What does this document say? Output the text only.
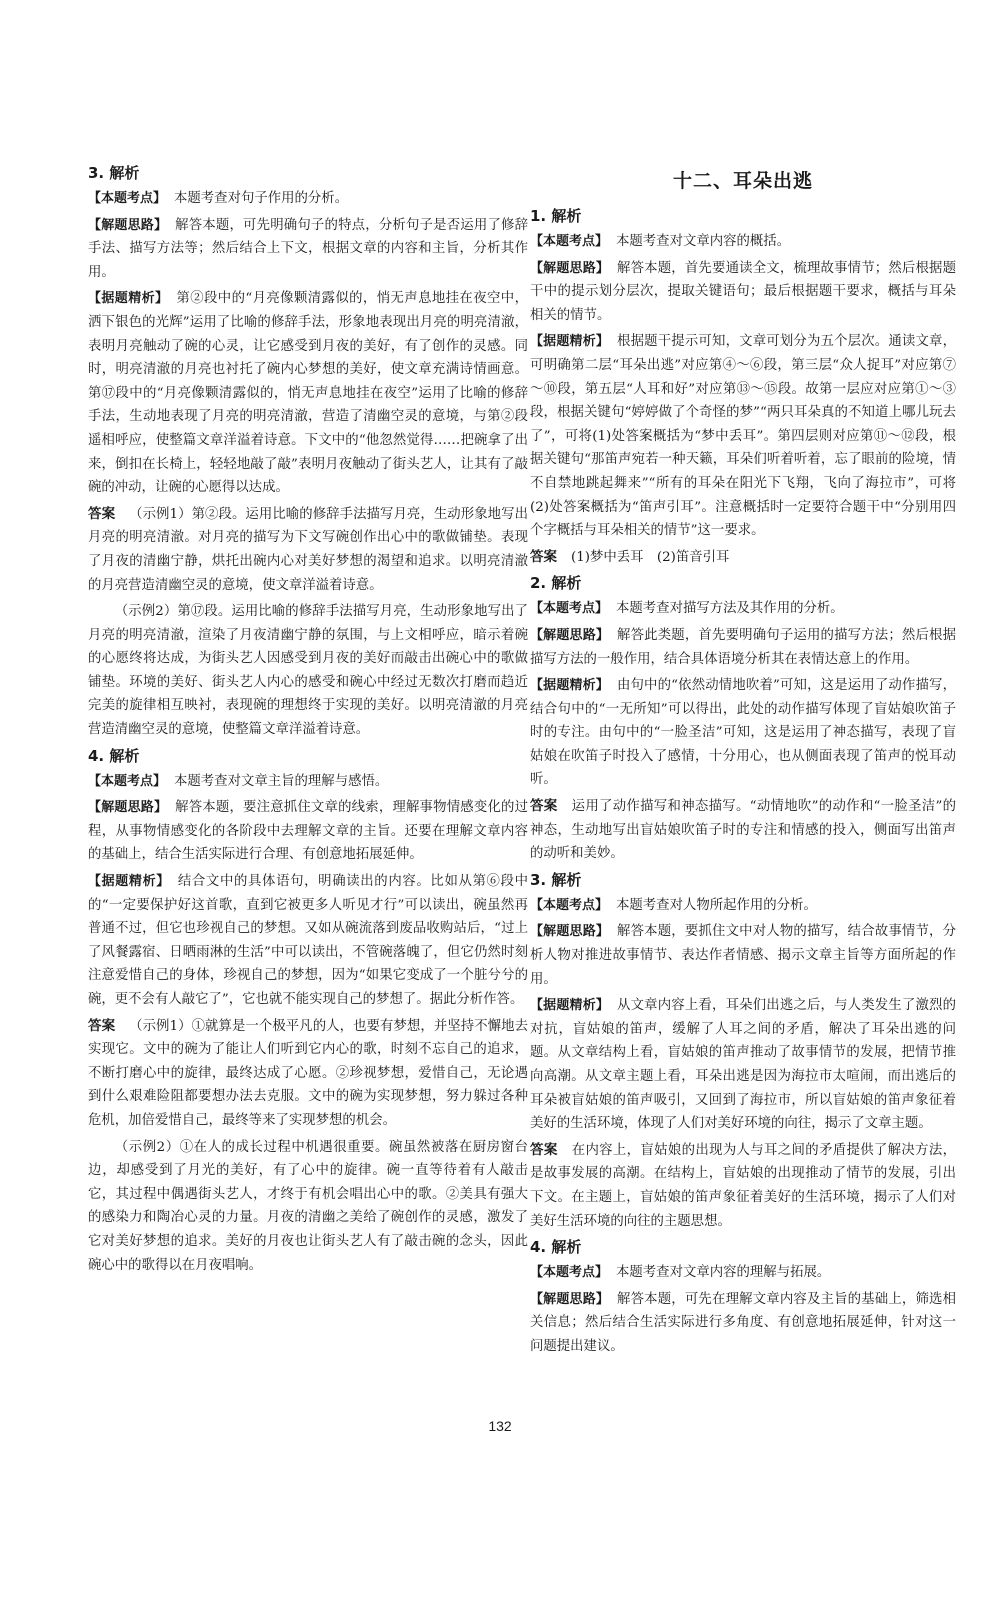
3. 解析
【本题考点】 本题考查对句子作用的分析。
【解题思路】 解答本题，可先明确句子的特点，分析句子是否运用了修辞手法、描写方法等；然后结合上下文，根据文章的内容和主旨，分析其作用。
【据题精析】 第②段中的“月亮像颗清露似的，悄无声息地挂在夜空中，洒下银色的光辉”运用了比喻的修辞手法，形象地表现出月亮的明亮清澈，表明月亮触动了碗的心灵，让它感受到月夜的美好，有了创作的灵感。同时，明亮清澈的月亮也衬托了碗内心梦想的美好，使文章充满诗情画意。第⑰段中的“月亮像颗清露似的，悄无声息地挂在夜空”运用了比喻的修辞手法，生动地表现了月亮的明亮清澈，营造了清幽空灵的意境，与第②段遥相呼应，使整篇文章洋溢着诗意。下文中的“他忽然觉得……把碗拿了出来，倒扣在长椅上，轻轻地敲了敲”表明月夜触动了街头艺人，让其有了敲碗的冲动，让碗的心愿得以达成。
答案 （示例1）第②段。运用比喻的修辞手法描写月亮，生动形象地写出月亮的明亮清澈。对月亮的描写为下文写碗创作出心中的歌做铺垫。表现了月夜的清幽宁静，烘托出碗内心对美好梦想的渴望和追求。以明亮清澈的月亮营造清幽空灵的意境，使文章洋溢着诗意。
（示例2）第⑰段。运用比喻的修辞手法描写月亮，生动形象地写出了月亮的明亮清澈，渲染了月夜清幽宁静的氛围，与上文相呼应，暗示着碗的心愿终将达成，为街头艺人因感受到月夜的美好而敲击出碗心中的歌做铺垫。环境的美好、街头艺人内心的感受和碗心中经过无数次打磨而趋近完美的旋律相互映衬，表现碗的理想终于实现的美好。以明亮清澈的月亮营造清幽空灵的意境，使整篇文章洋溢着诗意。
4. 解析
【本题考点】 本题考查对文章主旨的理解与感悟。
【解题思路】 解答本题，要注意抓住文章的线索，理解事物情感变化的过程，从事物情感变化的各阶段中去理解文章的主旨。还要在理解文章内容的基础上，结合生活实际进行合理、有创意地拓展延伸。
【据题精析】 结合文中的具体语句，明确读出的内容。比如从第⑥段中的“一定要保护好这首歌，直到它被更多人听见才行”可以读出，碗虽然再普通不过，但它也珍视自己的梦想。又如从碗流落到废品收购站后，“过上了风餐露宿、日晒雨淋的生活”中可以读出，不管碗落魄了，但它仍然时刻注意爱惜自己的身体，珍视自己的梦想，因为“如果它变成了一个脏兮兮的碗，更不会有人敲它了”，它也就不能实现自己的梦想了。据此分析作答。
答案 （示例1）①就算是一个极平凡的人，也要有梦想，并坚持不懈地去实现它。文中的碗为了能让人们听到它内心的歌，时刻不忘自己的追求，不断打磨心中的旋律，最终达成了心愿。②珍视梦想，爱惜自己，无论遇到什么艰难险阻都要想办法去克服。文中的碗为实现梦想，努力躲过各种危机，加倍爱惜自己，最终等来了实现梦想的机会。
（示例2）①在人的成长过程中机遇很重要。碗虽然被落在厨房窗台边，却感受到了月光的美好，有了心中的旋律。碗一直等待着有人敲击它，其过程中偶遇街头艺人，才终于有机会唱出心中的歌。②美具有强大的感染力和陶冶心灵的力量。月夜的清幽之美给了碗创作的灵感，激发了它对美好梦想的追求。美好的月夜也让街头艺人有了敲击碗的念头，因此碗心中的歌得以在月夜唱响。
十二、耳朵出逃
1. 解析
【本题考点】 本题考查对文章内容的概括。
【解题思路】 解答本题，首先要通读全文，梳理故事情节；然后根据题干中的提示划分层次，提取关键语句；最后根据题干要求，概括与耳朵相关的情节。
【据题精析】 根据题干提示可知，文章可划分为五个层次。通读文章，可明确第二层“耳朵出逃”对应第④～⑥段，第三层“众人捉耳”对应第⑦～⑩段，第五层“人耳和好”对应第⑬～⑮段。故第一层应对应第①～③段，根据关键句“婷婷做了个奇怪的梦”“两只耳朵真的不知道上哪儿玩去了”，可将(1)处答案概括为“梦中丢耳”。第四层则对应第⑪～⑫段，根据关键句“那笛声宛若一种天籁，耳朵们听着听着，忘了眼前的险境，情不自禁地跳起舞来”“所有的耳朵在阳光下飞翔，飞向了海拉市”，可将(2)处答案概括为“笛声引耳”。注意概括时一定要符合题干中“分别用四个字概括与耳朵相关的情节”这一要求。
答案 (1)梦中丢耳　(2)笛音引耳
2. 解析
【本题考点】 本题考查对描写方法及其作用的分析。
【解题思路】 解答此类题，首先要明确句子运用的描写方法；然后根据描写方法的一般作用，结合具体语境分析其在表情达意上的作用。
【据题精析】 由句中的“依然动情地吹着”可知，这是运用了动作描写，结合句中的“一无所知”可以得出，此处的动作描写体现了盲姑娘吹笛子时的专注。由句中的“一脸圣洁”可知，这是运用了神态描写，表现了盲姑娘在吹笛子时投入了感情，十分用心，也从侧面表现了笛声的悦耳动听。
答案 运用了动作描写和神态描写。“动情地吹”的动作和“一脸圣洁”的神态，生动地写出盲姑娘吹笛子时的专注和情感的投入，侧面写出笛声的动听和美妙。
3. 解析
【本题考点】 本题考查对人物所起作用的分析。
【解题思路】 解答本题，要抓住文中对人物的描写，结合故事情节，分析人物对推进故事情节、表达作者情感、揭示文章主旨等方面所起的作用。
【据题精析】 从文章内容上看，耳朵们出逃之后，与人类发生了激烈的对抗，盲姑娘的笛声，缓解了人耳之间的矛盾，解决了耳朵出逃的问题。从文章结构上看，盲姑娘的笛声推动了故事情节的发展，把情节推向高潮。从文章主题上看，耳朵出逃是因为海拉市太喧闹，而出逃后的耳朵被盲姑娘的笛声吸引，又回到了海拉市，所以盲姑娘的笛声象征着美好的生活环境，体现了人们对美好环境的向往，揭示了文章主题。
答案 在内容上，盲姑娘的出现为人与耳之间的矛盾提供了解决方法，是故事发展的高潮。在结构上，盲姑娘的出现推动了情节的发展，引出下文。在主题上，盲姑娘的笛声象征着美好的生活环境，揭示了人们对美好生活环境的向往的主题思想。
4. 解析
【本题考点】 本题考查对文章内容的理解与拓展。
【解题思路】 解答本题，可先在理解文章内容及主旨的基础上，筛选相关信息；然后结合生活实际进行多角度、有创意地拓展延伸，针对这一问题提出建议。
132
